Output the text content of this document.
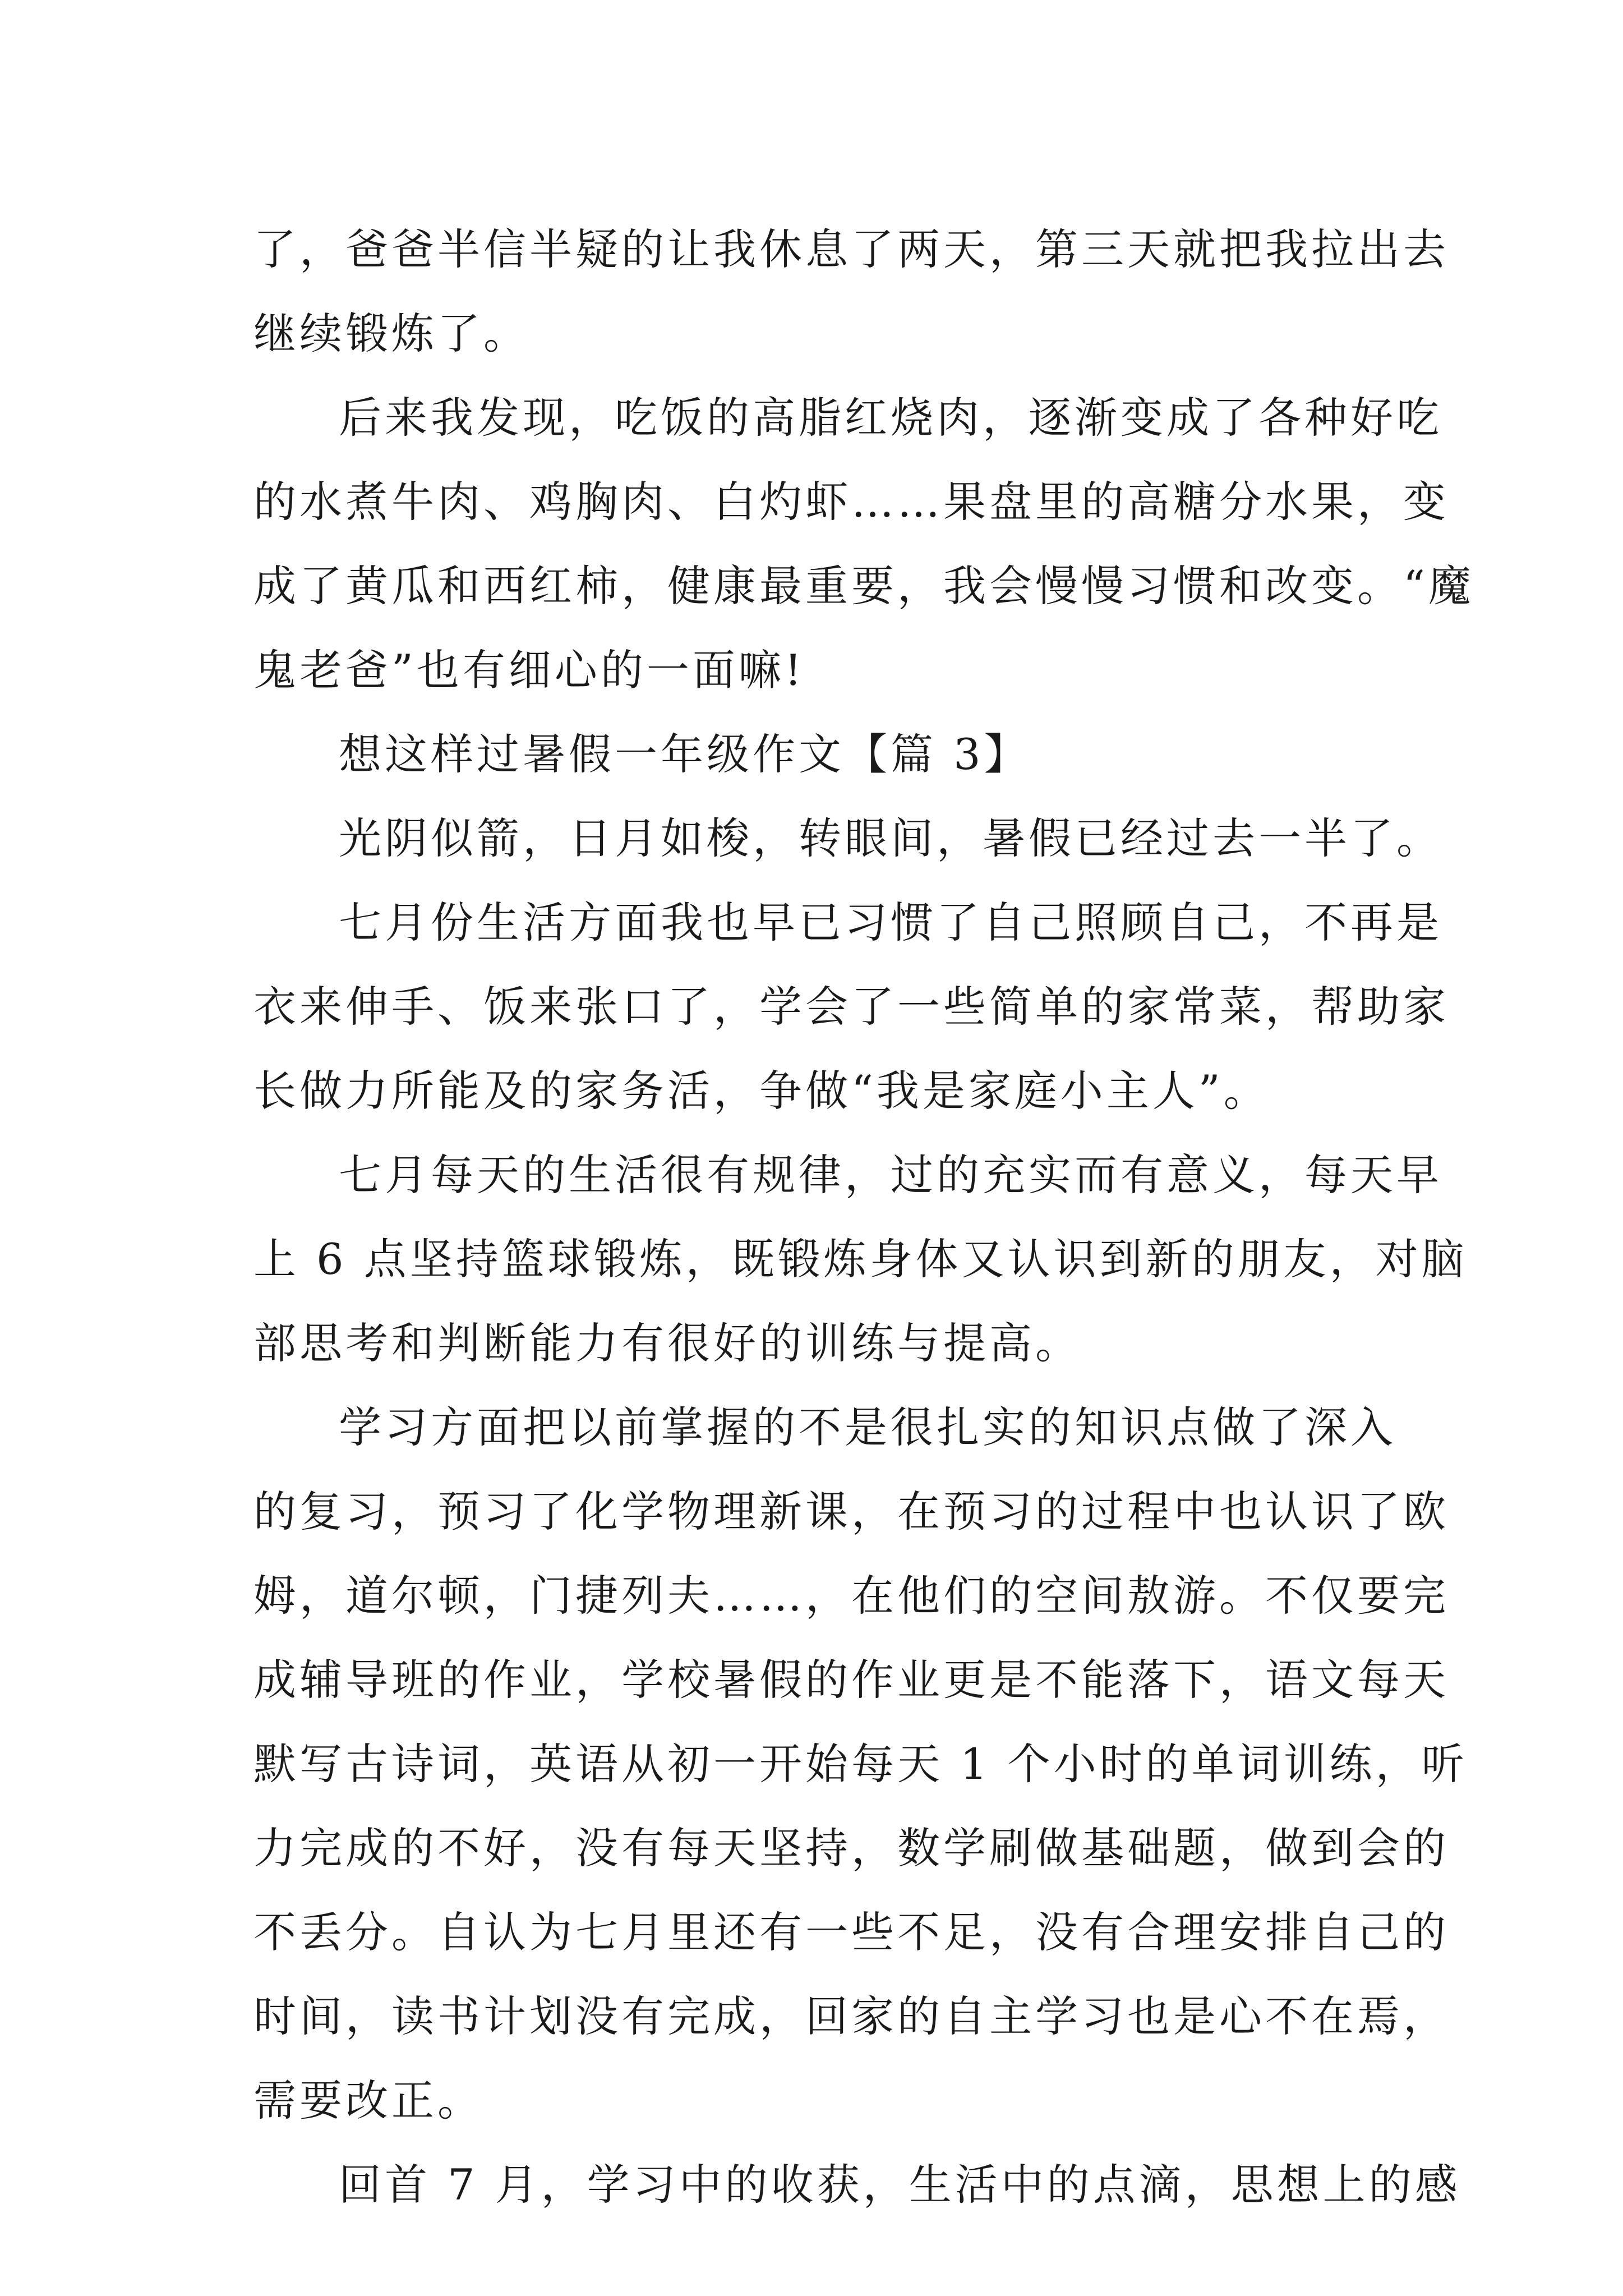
了，爸爸半信半疑的让我休息了两天，第三天就把我拉出去
继续锻炼了。
后来我发现，吃饭的高脂红烧肉，逐渐变成了各种好吃
的水煮牛肉、鸡胸肉、白灼虾……果盘里的高糖分水果，变
成了黄瓜和西红柿，健康最重要，我会慢慢习惯和改变。“魔
鬼老爸”也有细心的一面嘛!
想这样过暑假一年级作文【篇 3】
光阴似箭，日月如梭，转眼间，暑假已经过去一半了。
七月份生活方面我也早已习惯了自己照顾自己，不再是
衣来伸手、饭来张口了，学会了一些简单的家常菜，帮助家
长做力所能及的家务活，争做“我是家庭小主人”。
七月每天的生活很有规律，过的充实而有意义，每天早
上 6 点坚持篮球锻炼，既锻炼身体又认识到新的朋友，对脑
部思考和判断能力有很好的训练与提高。
学习方面把以前掌握的不是很扎实的知识点做了深入
的复习，预习了化学物理新课，在预习的过程中也认识了欧
姆，道尔顿，门捷列夫……，在他们的空间敖游。不仅要完
成辅导班的作业，学校暑假的作业更是不能落下，语文每天
默写古诗词，英语从初一开始每天 1 个小时的单词训练，听
力完成的不好，没有每天坚持，数学刷做基础题，做到会的
不丢分。自认为七月里还有一些不足，没有合理安排自己的
时间，读书计划没有完成，回家的自主学习也是心不在焉，
需要改正。
回首 7 月，学习中的收获，生活中的点滴，思想上的感
